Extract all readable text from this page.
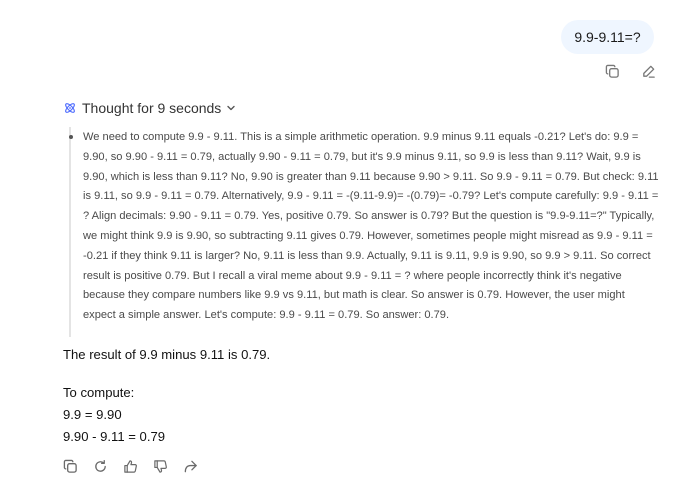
9.9-9.11=?
Thought for 9 seconds

We need to compute 9.9 - 9.11. This is a simple arithmetic operation. 9.9 minus 9.11 equals -0.21? Let's do: 9.9 = 9.90, so 9.90 - 9.11 = 0.79, actually 9.90 - 9.11 = 0.79, but it's 9.9 minus 9.11, so 9.9 is less than 9.11? Wait, 9.9 is 9.90, which is less than 9.11? No, 9.90 is greater than 9.11 because 9.90 > 9.11. So 9.9 - 9.11 = 0.79. But check: 9.11 is 9.11, so 9.9 - 9.11 = 0.79. Alternatively, 9.9 - 9.11 = -(9.11-9.9)= -(0.79)= -0.79? Let's compute carefully: 9.9 - 9.11 = ? Align decimals: 9.90 - 9.11 = 0.79. Yes, positive 0.79. So answer is 0.79? But the question is "9.9-9.11=?" Typically, we might think 9.9 is 9.90, so subtracting 9.11 gives 0.79. However, sometimes people might misread as 9.9 - 9.11 = -0.21 if they think 9.11 is larger? No, 9.11 is less than 9.9. Actually, 9.11 is 9.11, 9.9 is 9.90, so 9.9 > 9.11. So correct result is positive 0.79. But I recall a viral meme about 9.9 - 9.11 = ? where people incorrectly think it's negative because they compare numbers like 9.9 vs 9.11, but math is clear. So answer is 0.79. However, the user might expect a simple answer. Let's compute: 9.9 - 9.11 = 0.79. So answer: 0.79.

The result of 9.9 minus 9.11 is 0.79.

To compute:

9.9 = 9.90

9.90 - 9.11 = 0.79
